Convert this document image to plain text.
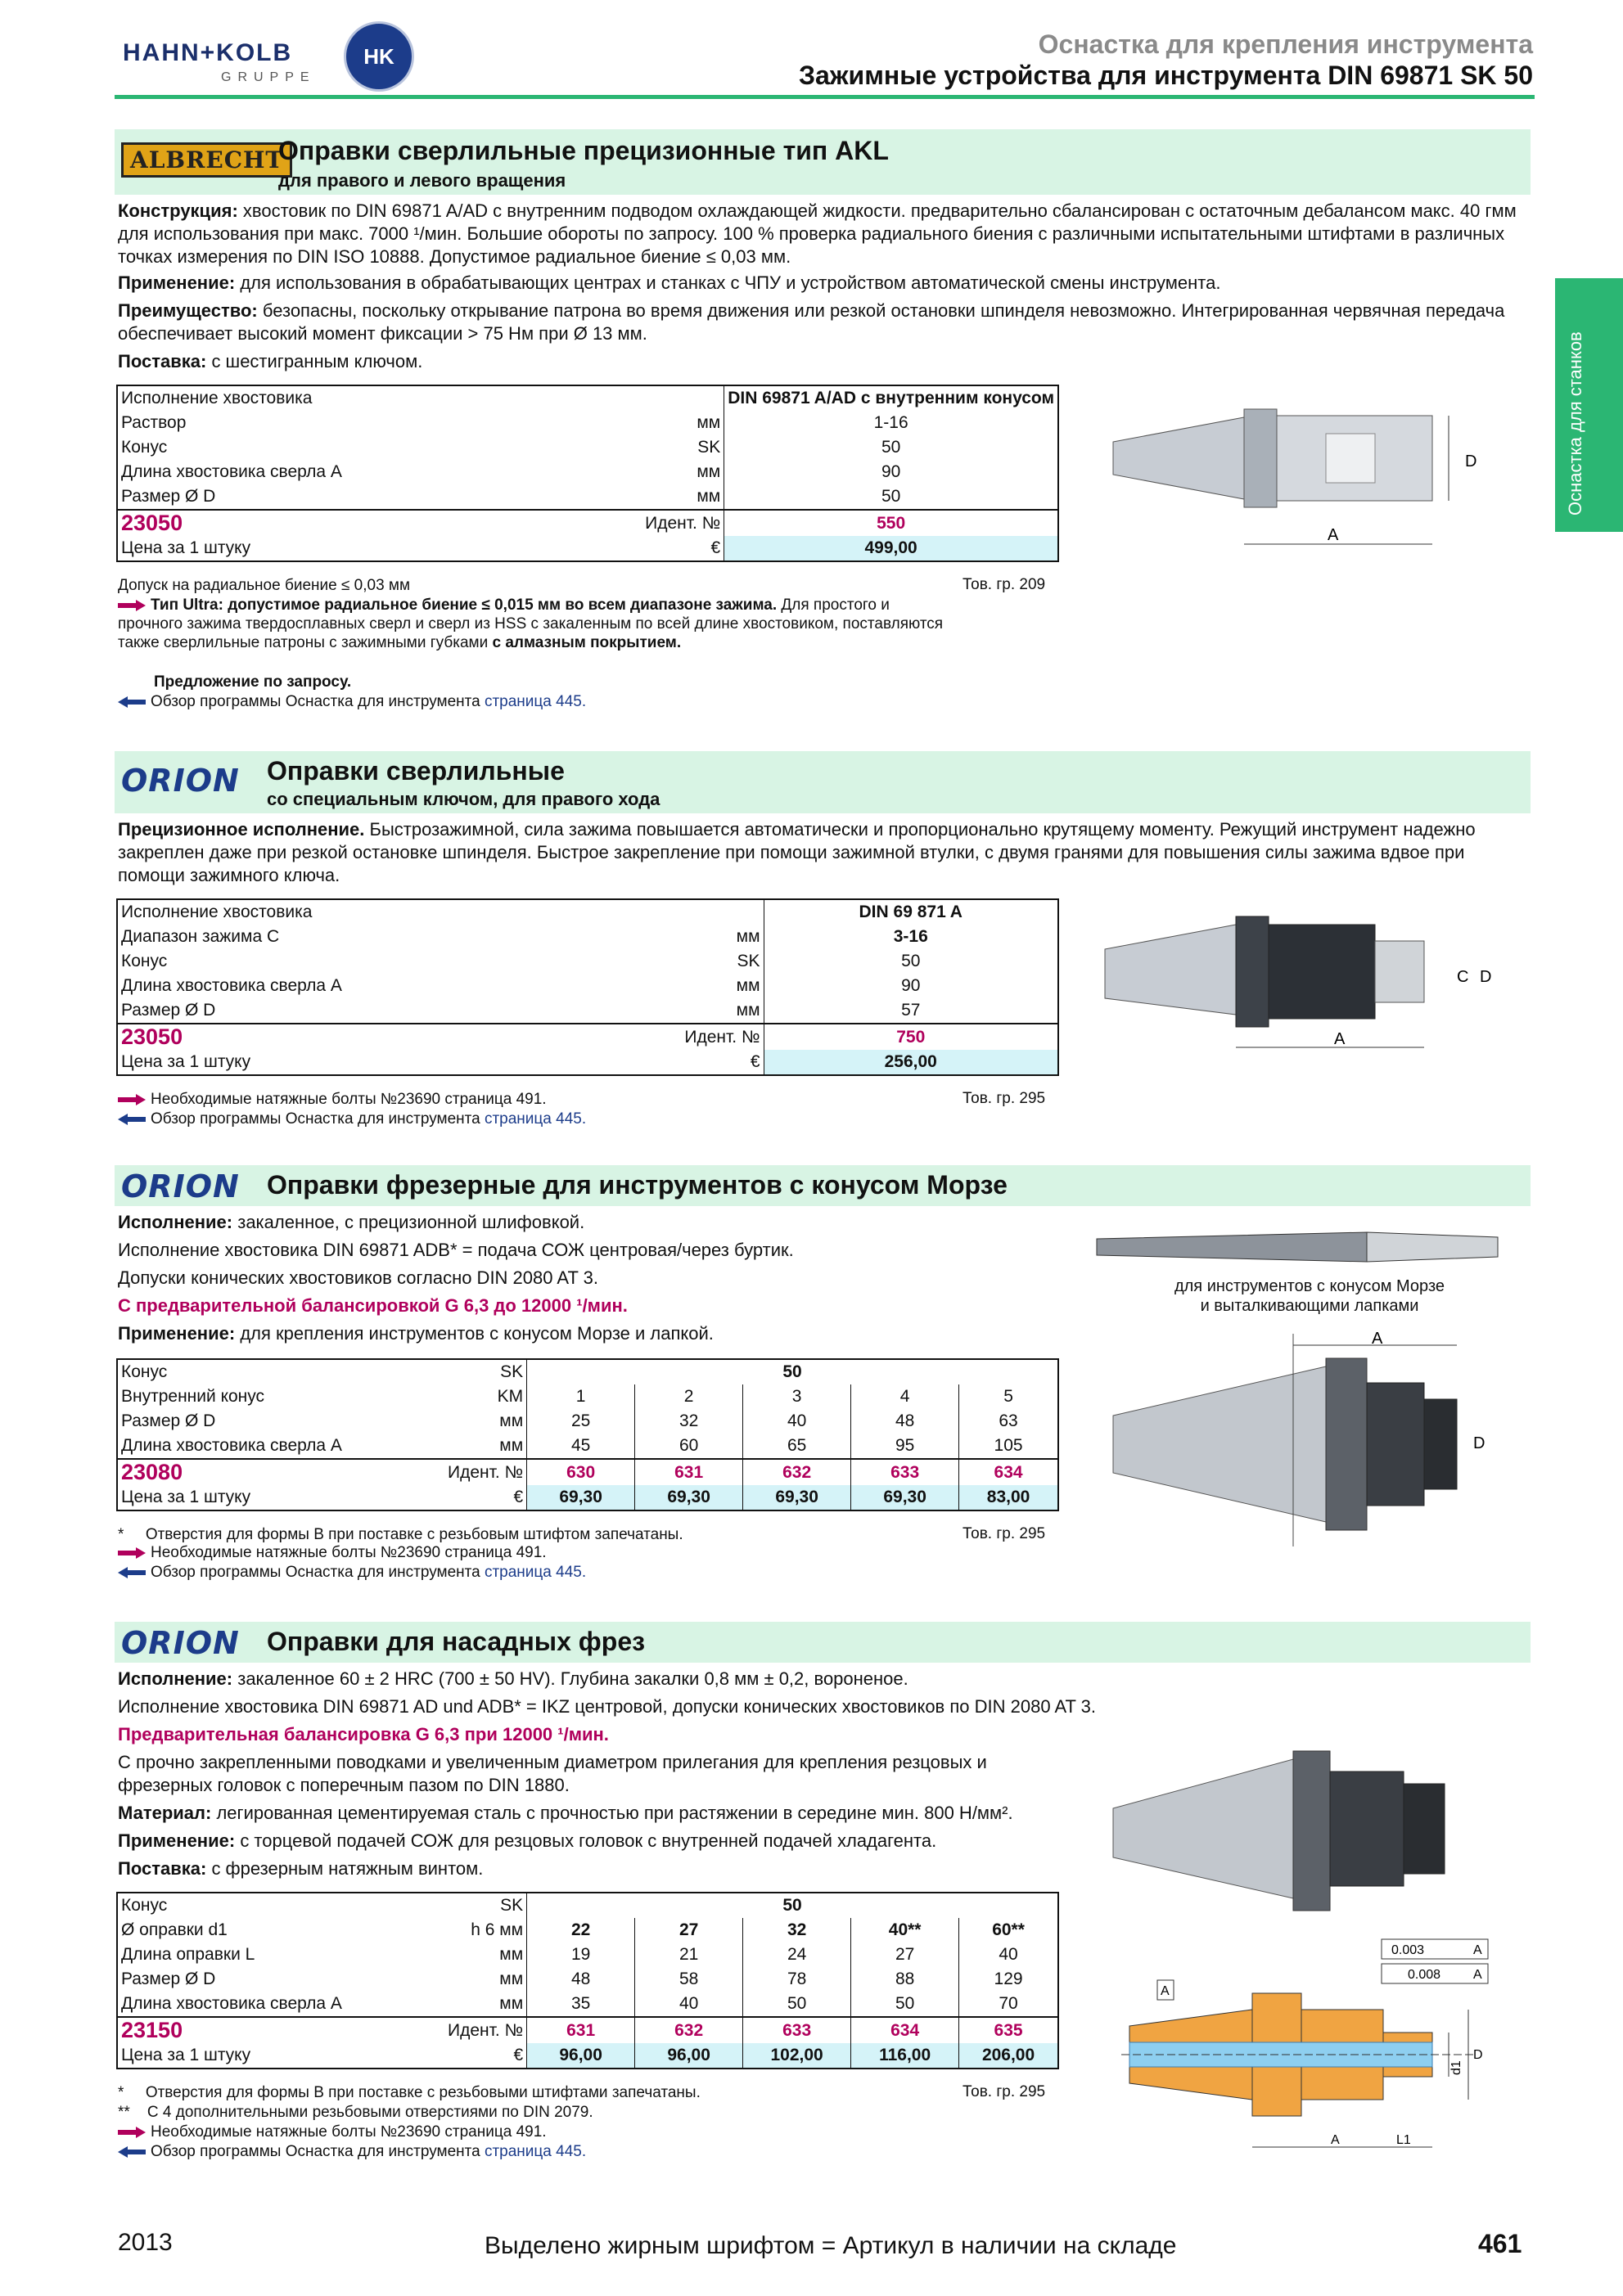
HAHN+KOLB
GRUPPE
HK	Оснастка для крепления инструмента
Зажимные устройства для инструмента DIN 69871 SK 50
Оснастка для станков
ALBRECHT
Оправки сверлильные прецизионные тип AKL
для правого и левого вращения
Конструкция: хвостовик по DIN 69871 A/AD с внутренним подводом охлаждающей жидкости. предварительно сбалансирован с остаточным дебалансом макс. 40 гмм для использования при макс. 7000 ¹/мин. Большие обороты по запросу. 100 % проверка радиального биения с различными испытательными штифтами в различных точках измерения по DIN ISO 10888. Допустимое радиальное биение ≤ 0,03 мм.
Применение: для использования в обрабатывающих центрах и станках с ЧПУ и устройством автоматической смены инструмента.
Преимущество: безопасны, поскольку открывание патрона во время движения или резкой остановки шпинделя невозможно. Интегрированная червячная передача обеспечивает высокий момент фиксации > 75 Нм при Ø 13 мм.
Поставка: с шестигранным ключом.
Исполнение хвостовика		DIN 69871 A/AD с внутренним конусом
Раствор	мм	1-16
Конус	SK	50
Длина хвостовика сверла A	мм	90
Размер Ø D	мм	50
23050	Идент. №	550
Цена за 1 штуку	€	499,00
D
A
Допуск на радиальное биение ≤ 0,03 мм	Тов. гр. 209
Тип Ultra: допустимое радиальное биение ≤ 0,015 мм во всем диапазоне зажима. Для простого и прочного зажима твердосплавных сверл и сверл из HSS с закаленным по всей длине хвостовиком, поставляются также сверлильные патроны с зажимными губками с алмазным покрытием.
Предложение по запросу.
Обзор программы Оснастка для инструмента страница 445.
ORION Оправки сверлильные
со специальным ключом, для правого хода
Прецизионное исполнение. Быстрозажимной, сила зажима повышается автоматически и пропорционально крутящему моменту. Режущий инструмент надежно закреплен даже при резкой остановке шпинделя. Быстрое закрепление при помощи зажимной втулки, с двумя гранями для повышения силы зажима вдвое при помощи зажимного ключа.
Исполнение хвостовика		DIN 69 871 A
Диапазон зажима C	мм	3-16
Конус	SK	50
Длина хвостовика сверла A	мм	90
Размер Ø D	мм	57
23050	Идент. №	750
Цена за 1 штуку	€	256,00
C D
A
Необходимые натяжные болты №23690 страница 491.	Тов. гр. 295
Обзор программы Оснастка для инструмента страница 445.
ORION Оправки фрезерные для инструментов с конусом Морзе
Исполнение: закаленное, с прецизионной шлифовкой.
Исполнение хвостовика DIN 69871 ADB* = подача СОЖ центровая/через буртик.
Допуски конических хвостовиков согласно DIN 2080 AT 3.
С предварительной балансировкой G 6,3 до 12000 ¹/мин.
Применение: для крепления инструментов с конусом Морзе и лапкой.
для инструментов с конусом Морзе
и выталкивающими лапками
A
D
Конус	SK	50				
Внутренний конус	KM	1	2	3	4	5
Размер Ø D	мм	25	32	40	48	63
Длина хвостовика сверла A	мм	45	60	65	95	105
23080	Идент. №	630	631	632	633	634
Цена за 1 штуку	€	69,30	69,30	69,30	69,30	83,00
* Отверстия для формы B при поставке с резьбовым штифтом запечатаны.	Тов. гр. 295
Необходимые натяжные болты №23690 страница 491.
Обзор программы Оснастка для инструмента страница 445.
ORION Оправки для насадных фрез
Исполнение: закаленное 60 ± 2 HRC (700 ± 50 HV). Глубина закалки 0,8 мм ± 0,2, вороненое.
Исполнение хвостовика DIN 69871 AD und ADB* = IKZ центровой, допуски конических хвостовиков по DIN 2080 AT 3.
Предварительная балансировка G 6,3 при 12000 ¹/мин.
С прочно закрепленными поводками и увеличенным диаметром прилегания для крепления резцовых и фрезерных головок с поперечным пазом по DIN 1880.
Материал: легированная цементируемая сталь с прочностью при растяжении в середине мин. 800 Н/мм².
Применение: с торцевой подачей СОЖ для резцовых головок с внутренней подачей хладагента.
Поставка: с фрезерным натяжным винтом.
Конус	SK	50				
Ø оправки d1	h 6 мм	22	27	32	40**	60**
Длина оправки L	мм	19	21	24	27	40
Размер Ø D	мм	48	58	78	88	129
Длина хвостовика сверла A	мм	35	40	50	50	70
23150	Идент. №	631	632	633	634	635
Цена за 1 штуку	€	96,00	96,00	102,00	116,00	206,00
0.003	A
0.008 A
A
d1
D
A	L1
* Отверстия для формы B при поставке с резьбовыми штифтами запечатаны.	Тов. гр. 295
** С 4 дополнительными резьбовыми отверстиями по DIN 2079.
Необходимые натяжные болты №23690 страница 491.
Обзор программы Оснастка для инструмента страница 445.
2013	Выделено жирным шрифтом = Артикул в наличии на складе	461
